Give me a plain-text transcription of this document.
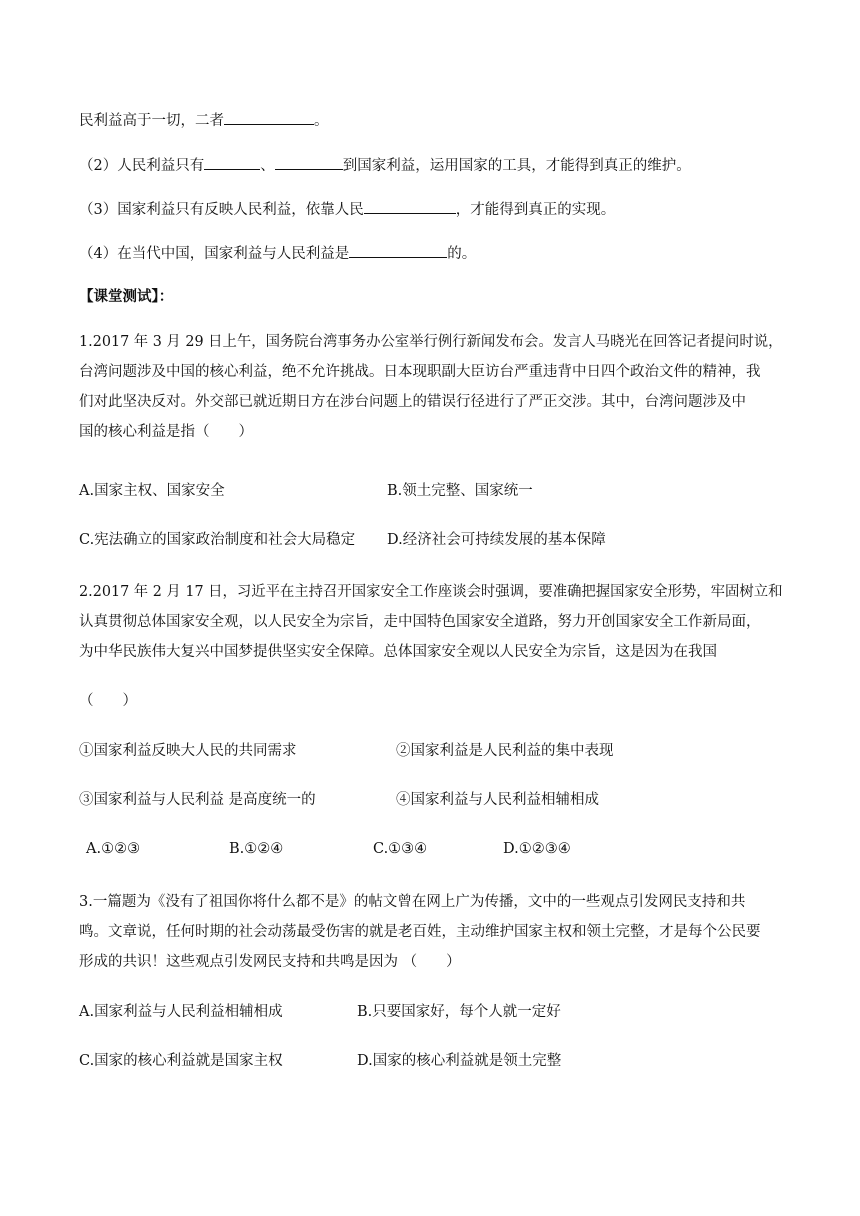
民利益高于一切，二者	。
（2）人民利益只有	、	到国家利益，运用国家的工具，才能得到真正的维护。
（3）国家利益只有反映人民利益，依靠人民	，才能得到真正的实现。
（4）在当代中国，国家利益与人民利益是	的。
【课堂测试】：
1.2017 年 3 月 29 日上午，国务院台湾事务办公室举行例行新闻发布会。发言人马晓光在回答记者提问时说，
台湾问题涉及中国的核心利益，绝不允许挑战。日本现职副大臣访台严重违背中日四个政治文件的精神，我
们对此坚决反对。外交部已就近期日方在涉台问题上的错误行径进行了严正交涉。其中，台湾问题涉及中
国的核心利益是指（　　）
A.国家主权、国家安全	B.领土完整、国家统一
C.宪法确立的国家政治制度和社会大局稳定 D.经济社会可持续发展的基本保障
2.2017 年 2 月 17 日，习近平在主持召开国家安全工作座谈会时强调，要准确把握国家安全形势，牢固树立和
认真贯彻总体国家安全观，以人民安全为宗旨，走中国特色国家安全道路，努力开创国家安全工作新局面，
为中华民族伟大复兴中国梦提供坚实安全保障。总体国家安全观以人民安全为宗旨，这是因为在我国
（　　）
①国家利益反映大人民的共同需求	②国家利益是人民利益的集中表现
③国家利益与人民利益 是高度统一的	④国家利益与人民利益相辅相成
A.①②③	B.①②④	C.①③④	D.①②③④
3.一篇题为《没有了祖国你将什么都不是》的帖文曾在网上广为传播，文中的一些观点引发网民支持和共
鸣。文章说，任何时期的社会动荡最受伤害的就是老百姓，主动维护国家主权和领土完整，才是每个公民要
形成的共识！这些观点引发网民支持和共鸣是因为 （　　）
A.国家利益与人民利益相辅相成	B.只要国家好，每个人就一定好
C.国家的核心利益就是国家主权	D.国家的核心利益就是领土完整
